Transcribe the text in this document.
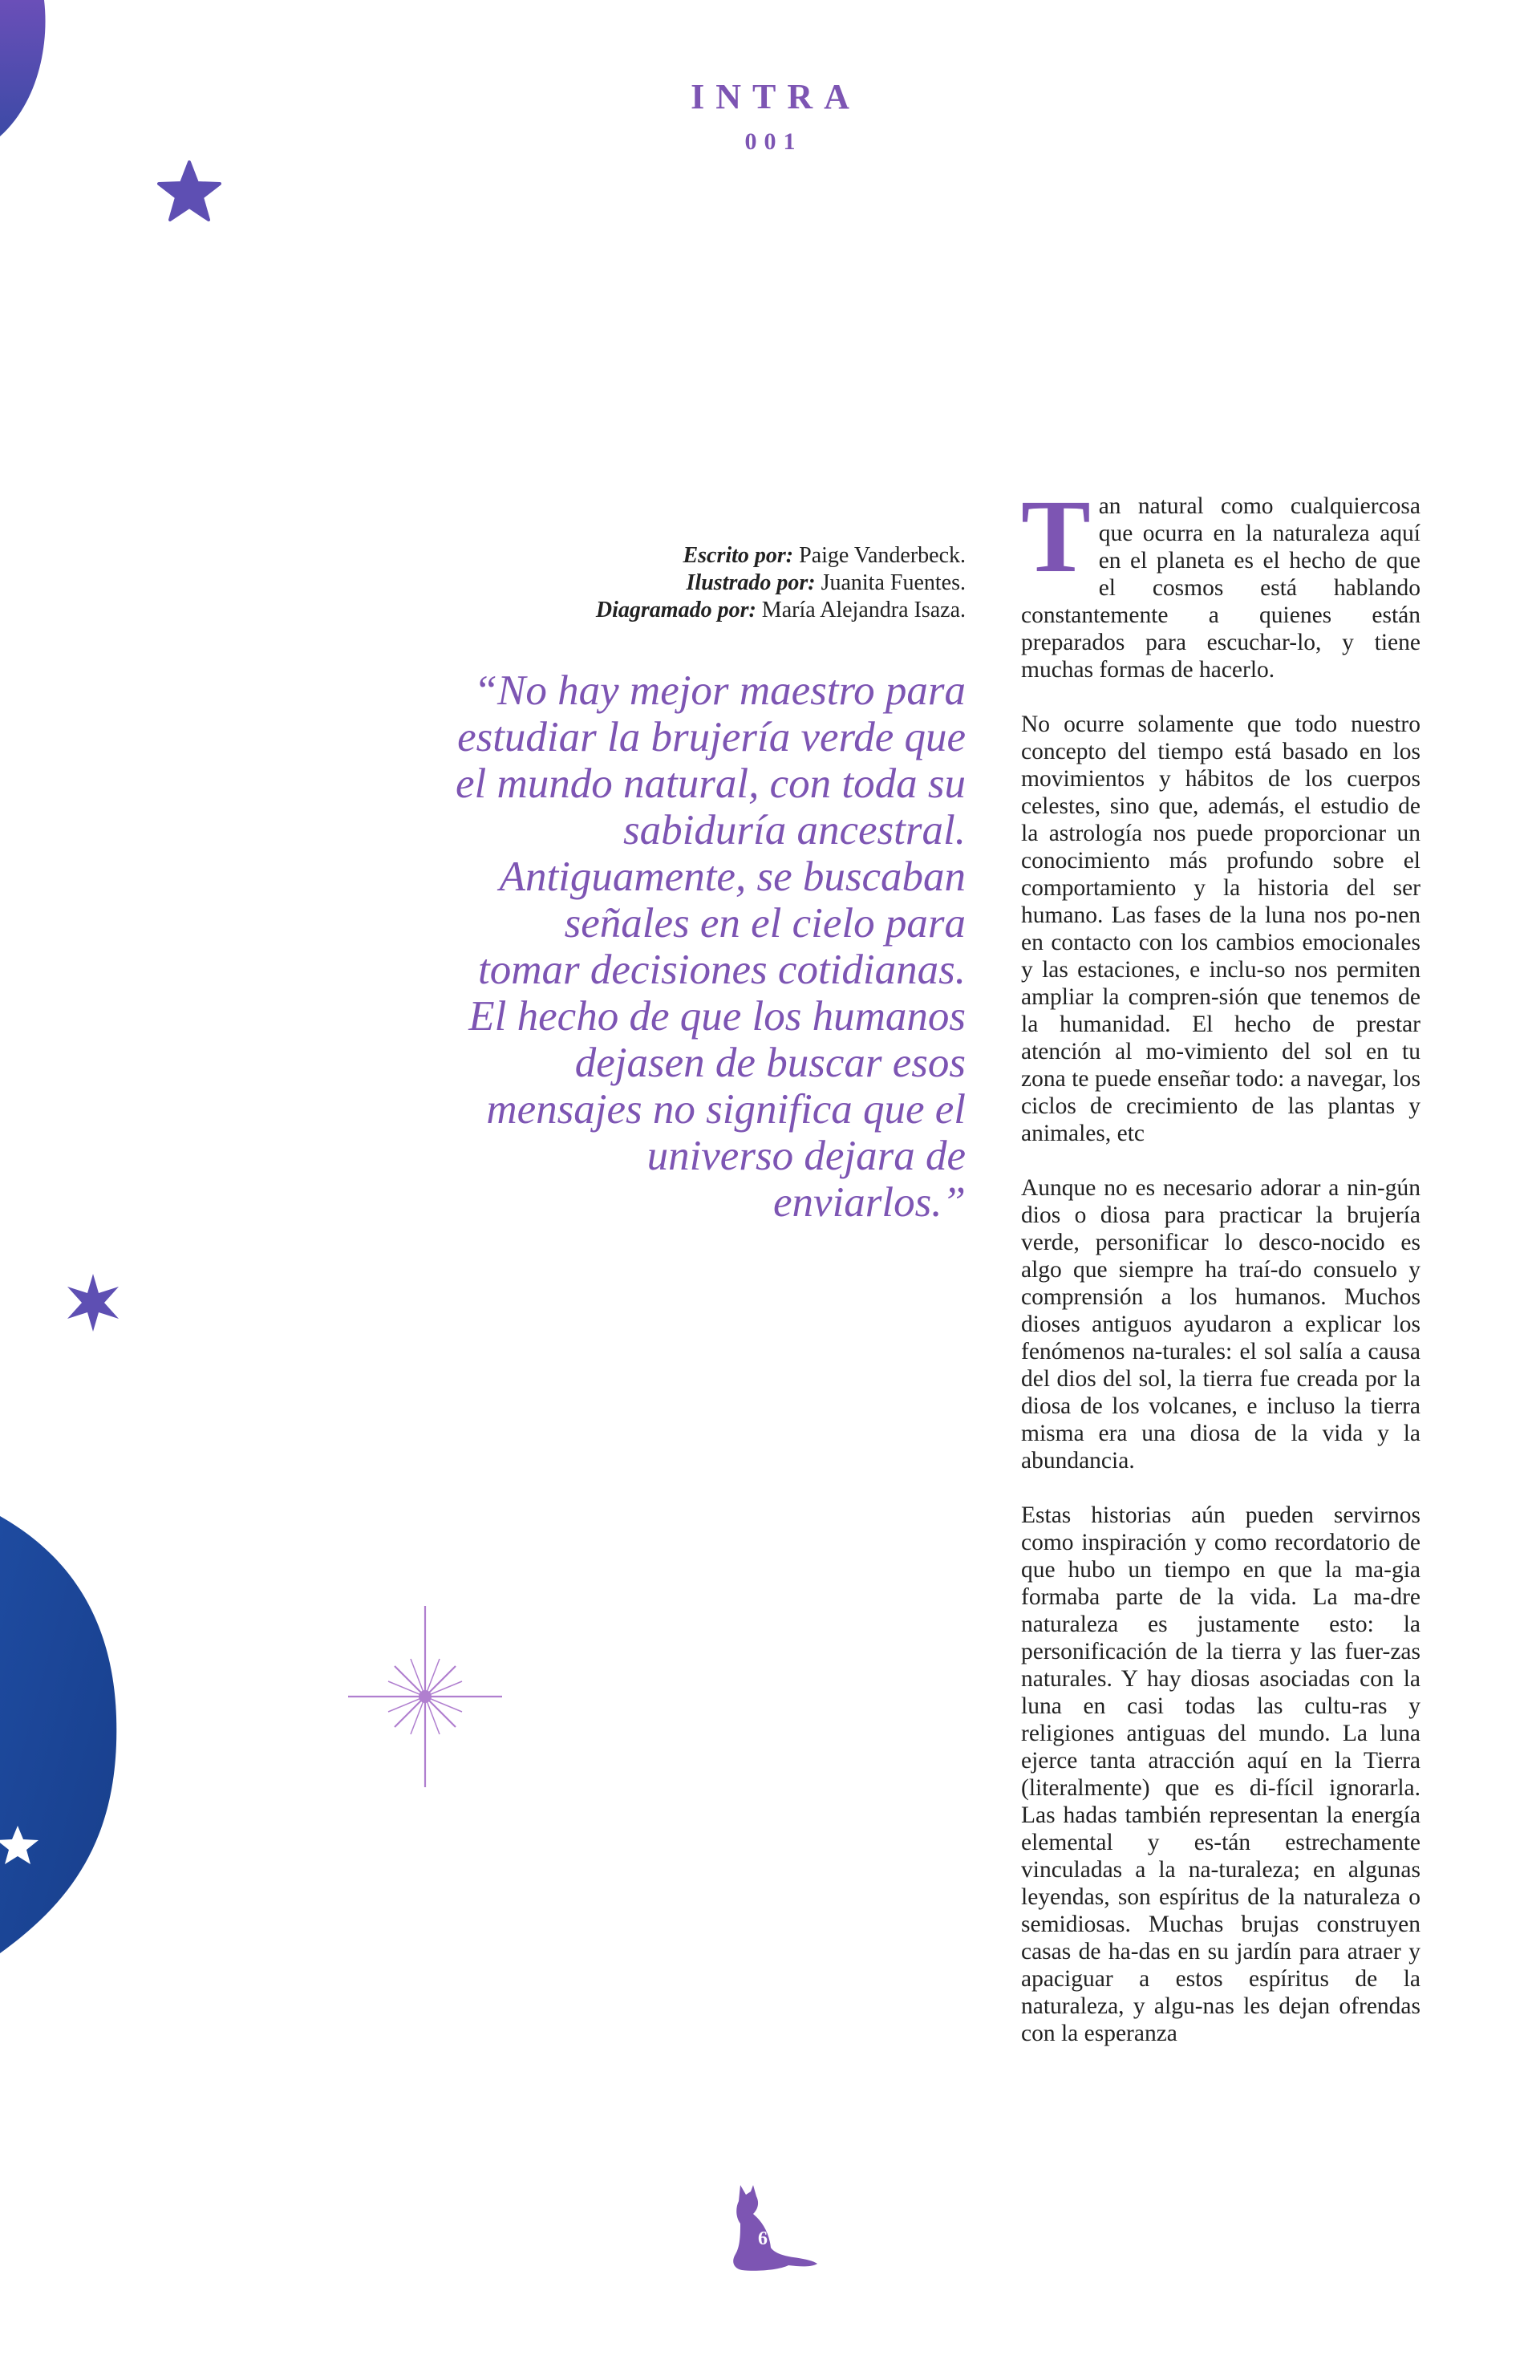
INTRA
001
Escrito por: Paige Vanderbeck.
Ilustrado por: Juanita Fuentes.
Diagramado por: María Alejandra Isaza.
“No hay mejor maestro para estudiar la brujería verde que el mundo natural, con toda su sabiduría ancestral. Antiguamente, se buscaban señales en el cielo para tomar decisiones cotidianas. El hecho de que los humanos dejasen de buscar esos mensajes no significa que el universo dejara de enviarlos.”

Tan natural como cualquiercosa que ocurra en la naturaleza aquí en el planeta es el hecho de que el cosmos está hablando constantemente a quienes están preparados para escuchar-lo, y tiene muchas formas de hacerlo.

No ocurre solamente que todo nuestro concepto del tiempo está basado en los movimientos y hábitos de los cuerpos celestes, sino que, además, el estudio de la astrología nos puede proporcionar un conocimiento más profundo sobre el comportamiento y la historia del ser humano. Las fases de la luna nos po-nen en contacto con los cambios emocionales y las estaciones, e inclu-so nos permiten ampliar la compren-sión que tenemos de la humanidad. El hecho de prestar atención al mo-vimiento del sol en tu zona te puede enseñar todo: a navegar, los ciclos de crecimiento de las plantas y animales, etc

Aunque no es necesario adorar a nin-gún dios o diosa para practicar la brujería verde, personificar lo desco-nocido es algo que siempre ha traí-do consuelo y comprensión a los humanos. Muchos dioses antiguos ayudaron a explicar los fenómenos na-turales: el sol salía a causa del dios del sol, la tierra fue creada por la diosa de los volcanes, e incluso la tierra misma era una diosa de la vida y la abundancia.

Estas historias aún pueden servirnos como inspiración y como recordatorio de que hubo un tiempo en que la ma-gia formaba parte de la vida. La ma-dre naturaleza es justamente esto: la personificación de la tierra y las fuer-zas naturales. Y hay diosas asociadas con la luna en casi todas las cultu-ras y religiones antiguas del mundo. La luna ejerce tanta atracción aquí en la Tierra (literalmente) que es di-fícil ignorarla. Las hadas también representan la energía elemental y es-tán estrechamente vinculadas a la na-turaleza; en algunas leyendas, son espíritus de la naturaleza o semidiosas. Muchas brujas construyen casas de ha-das en su jardín para atraer y apaciguar a estos espíritus de la naturaleza, y algu-nas les dejan ofrendas con la esperanza

6
